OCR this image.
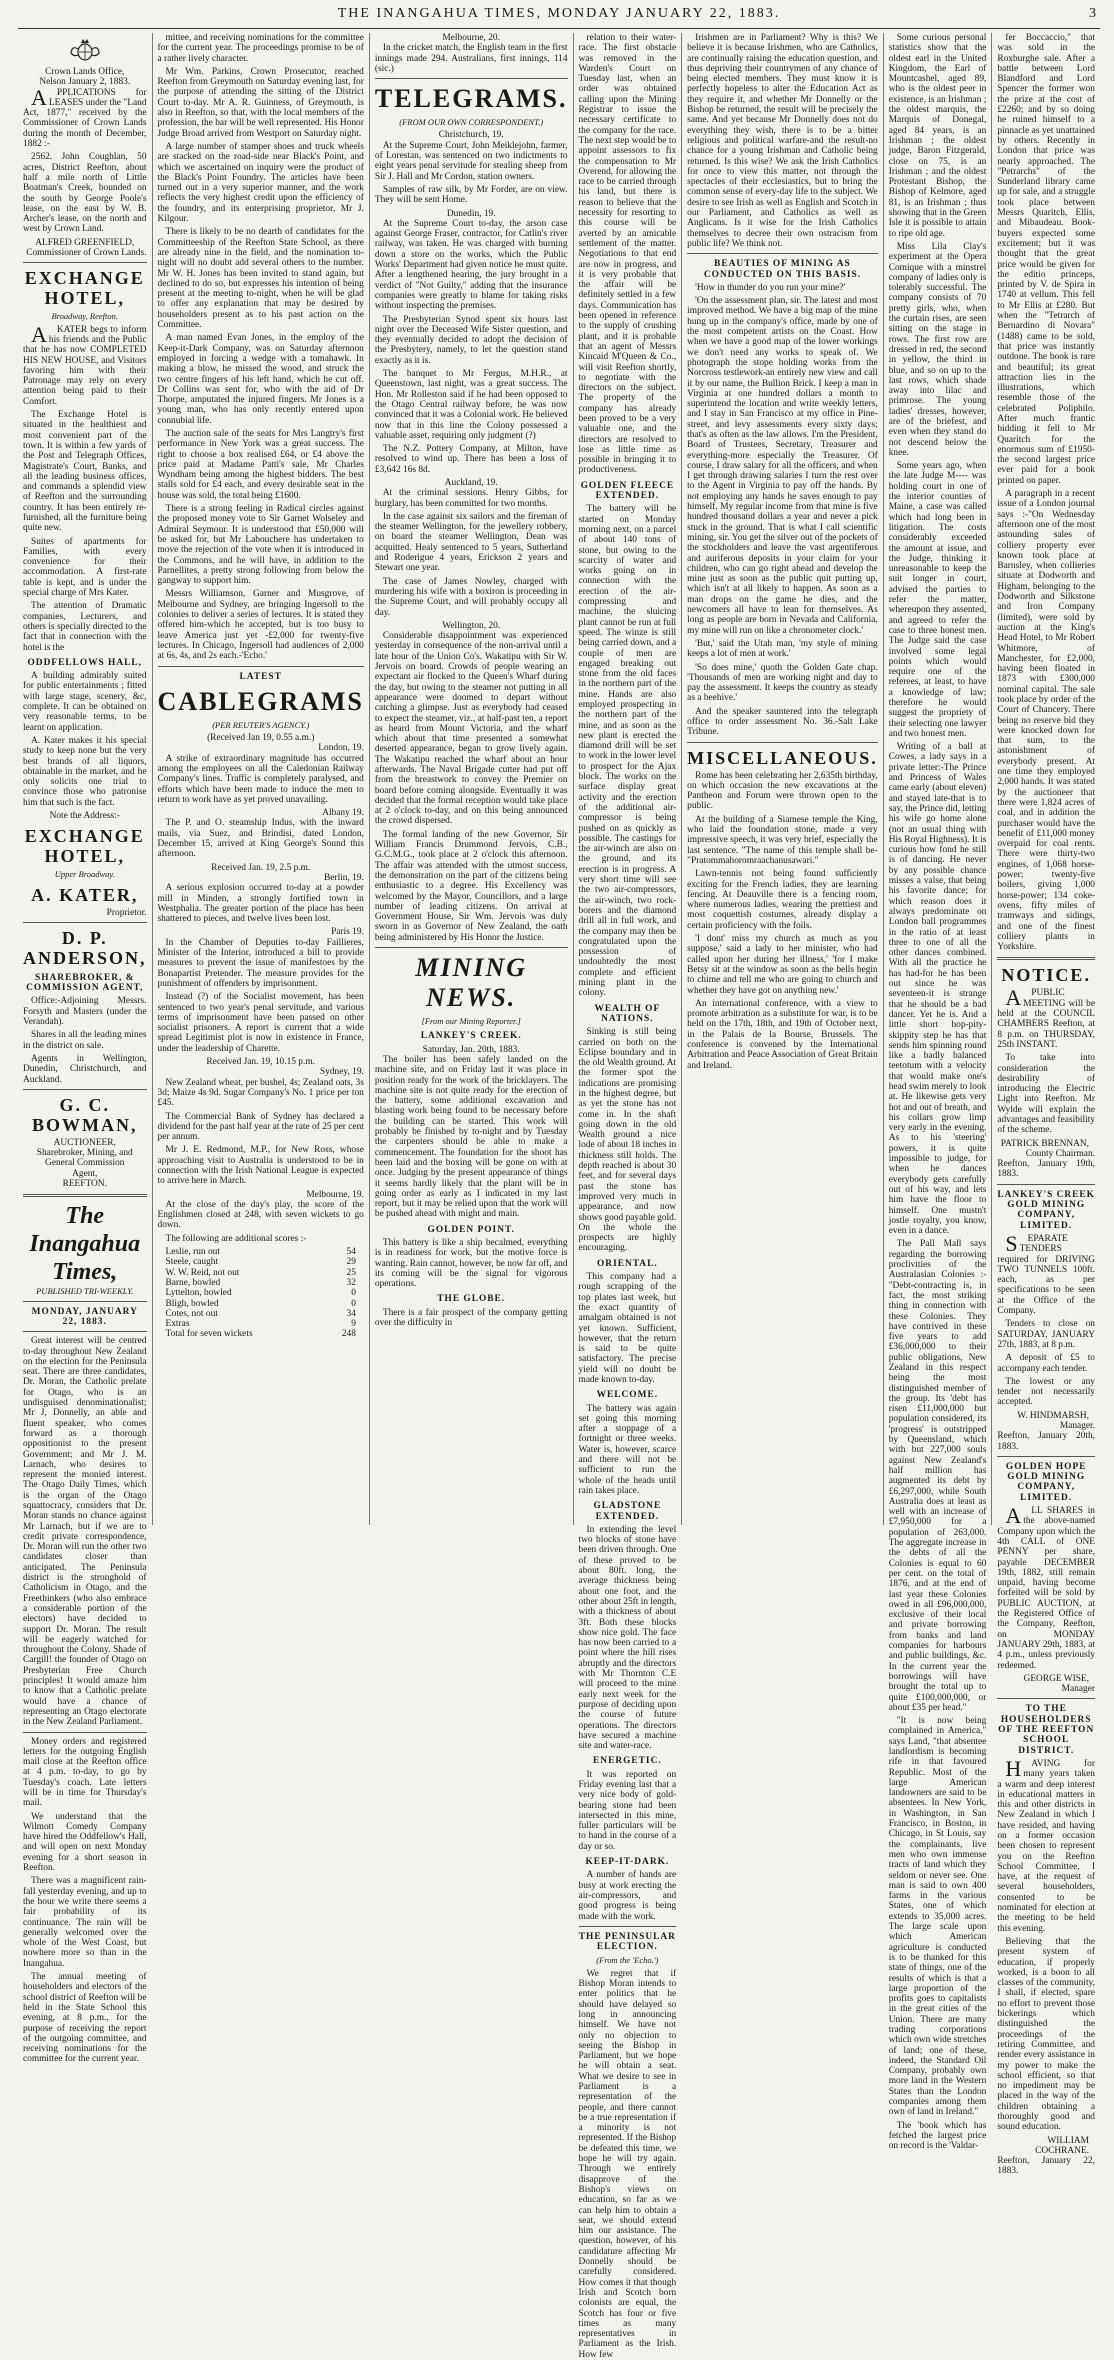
THE INANGAHUA TIMES, MONDAY JANUARY 22, 1883.	3
Crown Lands Office,
Nelson January 2, 1883.

APPLICATIONS for LEASES under the "Land Act, 1877," received by the Commissioner of Crown Lands during the month of December, 1882 :-

2562. John Coughlan, 50 acres, District Reefton, about half a mile north of Little Boatman's Creek, bounded on the south by George Poole's lease, on the east by W. B. Archer's lease, on the north and west by Crown Land.

ALFRED GREENFIELD,
Commissioner of Crown Lands.
EXCHANGE HOTEL,
Broadway, Reefton.

AKATER begs to inform his friends and the Public that he has now COMPLETED HIS NEW HOUSE, and Visitors favoring him with their Patronage may rely on every attention being paid to their Comfort.

The Exchange Hotel is situated in the healthiest and most convenient part of the town. It is within a few yards of the Post and Telegraph Offices, Magistrate's Court, Banks, and all the leading business offices, and commands a splendid view of Reefton and the surrounding country. It has been entirely re-furnished, all the furniture being quite new.

Suites of apartments for Families, with every convenience for their accommodation. A first-rate table is kept, and is under the special charge of Mrs Kater.

The attention of Dramatic companies, Lecturers, and others is specially directed to the fact that in connection with the hotel is the

ODDFELLOWS HALL,

A building admirably suited for public entertainments ; fitted with large stage, scenery, &c, complete. It can be obtained on very reasonable terms, to be learnt on application.

A. Kater makes it his special study to keep none but the very best brands of all liquors, obtainable in the market, and he only solicits one trial to convince those who patronise him that such is the fact.

Note the Address:-
EXCHANGE HOTEL,
Upper Broadway.
A. KATER,
Proprietor.
D. P. ANDERSON,
SHAREBROKER, & COMMISSION AGENT,

Office:-Adjoining Messrs. Forsyth and Masters (under the Verandah).

Shares in all the leading mines in the district on sale.

Agents in Wellington, Dunedin, Christchurch, and Auckland.

G. C. BOWMAN,
AUCTIONEER,
Sharebroker, Mining, and
General Commission
Agent,
REEFTON.
The Inangahua Times,
PUBLISHED TRI-WEEKLY.
MONDAY, JANUARY 22, 1883.

Great interest will be centred to-day throughout New Zealand on the election for the Peninsula seat. There are three candidates, Dr. Moran, the Catholic prelate for Otago, who is an undisguised denominationalist; Mr J, Donnelly, an able and fluent speaker, who comes forward as a thorough oppositionist to the present Government; and Mr J. M. Larnach, who desires to represent the monied interest. The Otago Daily Times, which is the organ of the Otago squattocracy, considers that Dr. Moran stands no chance against Mr Larnach, but if we are to credit private correspondence, Dr. Moran will run the other two candidates closer than anticipated. The Peninsula district is the stronghold of Catholicism in Otago, and the Freethinkers (who also embrace a considerable portion of the electors) have decided to support Dr. Moran. The result will be eagerly watched for throughout the Colony. Shade of Cargill! the founder of Otago on Presbyterian Free Church principles! It would amaze him to know that a Catholic prelate would have a chance of representing an Otago electorate in the New Zealand Parliament.

Money orders and registered letters for the outgoing English mail close at the Reefton office at 4 p.m. to-day, to go by Tuesday's coach. Late letters will be in time for Thursday's mail.

We understand that the Wilmott Comedy Company have hired the Oddfellow's Hall, and will open on next Monday evening for a short season in Reefton.

There was a magnificent rain-fall yesterday evening, and up to the hour we write there seems a fair probability of its continuance. The rain will be generally welcomed over the whole of the West Coast, but nowhere more so than in the Inangahua.

The annual meeting of householders and electors of the school district of Reefton will be held in the State School this evening, at 8 p.m., for the purpose of receiving the report of the outgoing committee, and receiving nominations for the committee for the current year.

mittee, and receiving nominations for the committee for the current year. The proceedings promise to be of a rather lively character.

Mr Wm. Parkins, Crown Prosecutor, reached Reefton from Greymouth on Saturday evening last, for the purpose of attending the sitting of the District Court to-day. Mr A. R. Guinness, of Greymouth, is also in Reefton, so that, with the local members of the profession, the bar will be well represented. His Honor Judge Broad arrived from Westport on Saturday night.

A large number of stamper shoes and truck wheels are stacked on the road-side near Black's Point, and which we ascertained on inquiry were the product of the Black's Point Foundry. The articles have been turned out in a very superior manner, and the work reflects the very highest credit upon the efficiency of the foundry, and its enterprising proprietor, Mr J. Kilgour.

There is likely to be no dearth of candidates for the Committeeship of the Reefton State School, as there are already nine in the field, and the nomination to-night will no doubt add several others to the number. Mr W. H. Jones has been invited to stand again, but declined to do so, but expresses his intention of being present at the meeting to-night, when he will be glad to offer any explanation that may be desired by householders present as to his past action on the Committee.

A man named Evan Jones, in the employ of the Keep-it-Dark Company, was on Saturday afternoon employed in forcing a wedge with a tomahawk. In making a blow, he missed the wood, and struck the two centre fingers of his left hand, which he cut off. Dr Collins was sent for, who with the aid of Dr Thorpe, amputated the injured fingers. Mr Jones is a young man, who has only recently entered upon connubial life.

The auction sale of the seats for Mrs Langtry's first performance in New York was a great success. The right to choose a box realised £64, or £4 above the price paid at Madame Patti's sale, Mr Charles Wyndham being among the highest bidders. The best stalls sold for £4 each, and every desirable seat in the house was sold, the total being £1600.

There is a strong feeling in Radical circles against the proposed money vote to Sir Garnet Wolseley and Admiral Seymour. It is understood that £50,000 will be asked for, but Mr Labouchere has undertaken to move the rejection of the vote when it is introduced in the Commons, and he will have, in addition to the Parnellites, a pretty strong following from below the gangway to support him.

Messrs Williamson, Garner and Musgrove, of Melbourne and Sydney, are bringing Ingersoll to the colonies to deliver a series of lectures. It is stated they offered him-which he accepted, but is too busy to leave America just yet -£2,000 for twenty-five lectures. In Chicago, Ingersoll had audiences of 2,000 at 6s, 4s, and 2s each.-'Echo.'

LATEST
CABLEGRAMS
(PER REUTER'S AGENCY.)
(Received Jan 19, 0.55 a.m.)
London, 19.

A strike of extraordinary magnitude has occurred among the employees on all the Caledonian Railway Company's lines. Traffic is completely paralysed, and efforts which have been made to induce the men to return to work have as yet proved unavailing.

Albany 19.

The P. and O. steamship Indus, with the inward mails, via Suez, and Brindisi, dated London, December 15, arrived at King George's Sound this afternoon.

Received Jan. 19, 2.5 p.m.
Berlin, 19.

A serious explosion occurred to-day at a powder mill in Minden, a strongly fortified town in Westphalia. The greater portion of the place has been shattered to pieces, and twelve lives been lost.

Paris 19.

In the Chamber of Deputies to-day Faillieres, Minister of the Interior, introduced a bill to provide measures to prevent the issue of manifestoes by the Bonapartist Pretender. The measure provides for the punishment of offenders by imprisonment.

Instead (?) of the Socialist movement, has been sentenced to two year's penal servitude, and various terms of imprisonment have been passed on other socialist prisoners. A report is current that a wide spread Legitimist plot is now in existence in France, under the leadership of Charette.

Received Jan. 19, 10.15 p.m.
Sydney, 19.

New Zealand wheat, per bushel, 4s; Zealand oats, 3s 3d; Maize 4s 9d. Sugar Company's No. 1 price per ton £45.

The Commercial Bank of Sydney has declared a dividend for the past half year at the rate of 25 per cent per annum.

Mr J. E. Redmond, M.P., for New Ross, whose approaching visit to Australia is understood to be in connection with the Irish National League is expected to arrive here in March.

Melbourne, 19.

At the close of the day's play, the score of the Englishmen closed at 248, with seven wickets to go down.

The following are additional scores :-

Leslie, run out	54
Steele, caught	29
W. W. Reid, not out	25
Barne, bowled	32
Lyttelton, bowled	0
Bligh, bowled	0
Cotes, not out	34
Extras	9
Total for seven wickets	248
Melbourne, 20.

In the cricket match, the English team in the first innings made 294. Australians, first innings, 114 (sic.)

TELEGRAMS.
(FROM OUR OWN CORRESPONDENT.)
Christchurch, 19.

At the Supreme Court, John Meiklejohn, farmer, of Lorestan, was sentenced on two indictments to eight years penal servitude for stealing sheep from Sir J. Hall and Mr Cordon, station owners.

Samples of raw silk, by Mr Forder, are on view. They will be sent Home.

Dunedin, 19.

At the Supreme Court to-day, the arson case against George Fraser, contractor, for Catlin's river railway, was taken. He was charged with burning down a store on the works, which the Public Works' Department had given notice he must quite. After a lengthened hearing, the jury brought in a verdict of "Not Guilty," adding that the insurance companies were greatly to blame for taking risks without inspecting the premises.

The Presbyterian Synod spent six hours last night over the Deceased Wife Sister question, and they eventually decided to adopt the decision of the Presbytery, namely, to let the question stand exactly as it is.

The banquet to Mr Fergus, M.H.R., at Queenstown, last night, was a great success. The Hon. Mr Rolleston said if he had been opposed to the Otago Central railway before, he was now convinced that it was a Colonial work. He believed now that in this line the Colony possessed a valuable asset, requiring only judgment (?)

The N.Z. Pottery Company, at Milton, have resolved to wind up. There has been a loss of £3,642 16s 8d.

Auckland, 19.

At the criminal sessions. Henry Gibbs, for burglary, has been committed for two months.

In the case against six sailors and the fireman of the steamer Wellington, for the jewellery robbery, on board the steamer Wellington, Dean was acquitted. Healy sentenced to 5 years, Sutherland and Roderigue 4 years, Erickson 2 years and Stewart one year.

The case of James Nowley, charged with murdering his wife with a boxiron is proceeding in the Supreme Court, and will probably occupy all day.

Wellington, 20.

Considerable disappointment was experienced yesterday in consequence of the non-arrival until a late hour of the Union Co's. Wakatipu with Sir W. Jervois on board. Crowds of people wearing an expectant air flocked to the Queen's Wharf during the day, but owing to the steamer not putting in all appearance were doomed to depart without catching a glimpse. Just as everybody had ceased to expect the steamer, viz., at half-past ten, a report as heard from Mount Victoria, and the wharf which about that time presented a somewhat deserted appearance, began to grow lively again. The Wakatipu reached the wharf about an hour afterwards. The Naval Brigade cutter had put off from the breastwork to convey the Premier on board before coming alongside. Eventually it was decided that the formal reception would take place at 2 o'clock to-day, and on this being announced the crowd dispersed.

The formal landing of the new Governor, Sir William Francis Drummond Jervois, C.B., G.C.M.G., took place at 2 o'clock this afternoon. The affair was attended with the utmost success, the demonstration on the part of the citizens being enthusiastic to a degree. His Excellency was welcomed by the Mayor, Councillors, and a large number of leading citizens. On arrival at Government House, Sir Wm. Jervois was duly sworn in as Governor of New Zealand, the oath being administered by His Honor the Justice.

MINING NEWS.
[From our Mining Reporter.]
LANKEY'S CREEK.
Saturday, Jan. 20th, 1883.

The boiler has been safely landed on the machine site, and on Friday last it was place in position ready for the work of the bricklayers. The machine site is not quite ready for the erection of the battery, some additional excavation and blasting work being found to be necessary before the building can be started. This work will probably be finished by to-night and by Tuesday the carpenters should be able to make a commencement. The foundation for the shoot has been laid and the boxing will be gone on with at once. Judging by the present appearance of things it seems hardly likely that the plant will be in going order as early as I indicated in my last report, but it may be relied upon that the work will be pushed ahead with might and main.

GOLDEN POINT.

This battery is like a ship becalmed, everything is in readiness for work, but the motive force is wanting. Rain cannot, however, be now far off, and its coming will be the signal for vigorous operations.

THE GLOBE.

There is a fair prospect of the company getting over the difficulty in

relation to their water-race. The first obstacle was removed in the Warden's Court on Tuesday last, when an order was obtained calling upon the Mining Registrar to issue the necessary certificate to the company for the race. The next step would be to appoint assessors to fix the compensation to Mr Overend, for allowing the race to be carried through his land, but there is reason to believe that the necessity for resorting to this course will be averted by an amicable settlement of the matter. Negotiations to that end are now in progress, and it is very probable that the affair will be definitely settled in a few days. Communication has been opened in reference to the supply of crushing plant, and it is probable that an agent of Messrs Kincaid M'Queen & Co., will visit Reefton shortly, to negotiate with the directors on the subject. The property of the company has already been proved to be a very valuable one, and the directors are resolved to lose as little time as possible in bringing it to productiveness.

GOLDEN FLEECE EXTENDED.

The battery will be started on Monday morning next, on a parcel of about 140 tons of stone, but owing to the scarcity of water and works going on in connection with the erection of the air-compressing and machine, the sluicing plant cannot be run at full speed. The winze is still being carried down, and a couple of men are engaged breaking out stone from the old faces in the northern part of the mine. Hands are also employed prospecting in the northern part of the mine, and as soon as the new plant is erected the diamond drill will be set to work in the lower level to prospect for the Ajax block. The works on the surface display great activity and the erection of the additional air-compressor is being pushed on as quickly as possible. The castings for the air-winch are also on the ground, and its erection is in progress. A very short time will see the two air-compressors, the air-winch, two rock-borers and the diamond drill all in full work, and the company may then be congratulated upon the possession of undoubtedly the most complete and efficient mining plant in the colony.

WEALTH OF NATIONS.

Sinking is still being carried on both on the Eclipse boundary and in the old Wealth ground. At the former spot the indications are promising in the highest degree, but as yet the stone has not come in. In the shaft going down in the old Wealth ground a nice lode of about 18 inches in thickness still holds. The depth reached is about 30 feet, and for several days past the stone has improved very much in appearance, and now shows good payable gold. On the whole the prospects are highly encouraging.

ORIENTAL.

This company had a rough scrapping of the top plates last week, but the exact quantity of amalgam obtained is not yet known. Sufficient, however, that the return is said to be quite satisfactory. The precise yield will no doubt be made known to-day.

WELCOME.

The battery was again set going this morning after a stoppage of a fortnight or three weeks. Water is, however, scarce and there will not be sufficient to run the whole of the heads until rain takes place.

GLADSTONE EXTENDED.

In extending the level two blocks of stone have been driven through. One of these proved to be about 80ft. long, the average thickness being about one foot, and the other about 25ft in length, with a thickness of about 3ft. Both these blocks show nice gold. The face has now been carried to a point where the hill rises abruptly and the directors with Mr Thornton C.E will proceed to the mine early next week for the purpose of deciding upon the course of future operations. The directors have secured a machine site and water-race.

ENERGETIC.

It was reported on Friday evening last that a very nice body of gold-bearing stone had been intersected in this mine, fuller particulars will be to hand in the course of a day or so.

KEEP-IT-DARK.

A number of hands are busy at work erecting the air-compressors, and good progress is being made with the work.

THE PENINSULAR ELECTION.
(From the 'Echo.')

We regret that if Bishop Moran intends to enter politics that he should have delayed so long in announcing himself. We have not only no objection to seeing the Bishop in Parliament, but we hope he will obtain a seat. What we desire to see in Parliament is a representation of the people, and there cannot be a true representation if a minority is not represented. If the Bishop be defeated this time, we hope he will try again. Through we entirely disapprove of the Bishop's views on education, so far as we can help him to obtain a seat, we should extend him our assistance. The question, however, of his candidature affecting Mr Donnelly should be carefully considered. How comes it that though Irish and Scotch born colonists are equal, the Scotch has four or five times as many representatives in Parliament as the Irish. How few

Irishmen are in Parliament? Why is this? We believe it is because Irishmen, who are Catholics, are continually raising the education question, and thus depriving their countrymen of any chance of being elected members. They must know it is perfectly hopeless to alter the Education Act as they require it, and whether Mr Donnelly or the Bishop be returned, the result will be precisely the same. And yet because Mr Donnelly does not do everything they wish, there is to be a bitter religious and political warfare-and the result-no chance for a young Irishman and Catholic being returned. Is this wise? We ask the Irish Catholics for once to view this matter, not through the spectacles of their ecclesiastics, but to bring the common sense of every-day life to the subject. We desire to see Irish as well as English and Scotch in our Parliament, and Catholics as well as Anglicans. Is it wise for the Irish Catholics themselves to decree their own ostracism from public life? We think not.

BEAUTIES OF MINING AS CONDUCTED ON THIS BASIS.

'How in thunder do you run your mine?'

'On the assessment plan, sir. The latest and most improved method. We have a big map of the mine hung up in the company's office, made by one of the most competent artists on the Coast. How when we have a good map of the lower workings we don't need any works to speak of. We photograph the stope holding works from the Norcross testlework-an entirely new view and call it by our name, the Bullion Brick. I keep a man in Virginia at one hundred dollars a month to superintend the location and write weekly letters, and I stay in San Francisco at my office in Pine-street, and levy assessments every sixty days; that's as often as the law allows. I'm the President, Board of Trustees, Secretary, Treasurer and everything-more especially the Treasurer. Of course, I draw salary for all the officers, and when I get through drawing salaries I turn the rest over to the Agent in Virginia to pay off the hands. By not employing any hands he saves enough to pay himself. My regular income from that mine is five hundred thousand dollars a year and never a pick stuck in the ground. That is what I call scientific mining, sir. You get the silver out of the pockets of the stockholders and leave the vast argentiferous and auriferous deposits in your claim for your children, who can go right ahead and develop the mine just as soon as the public quit putting up, which isn't at all likely to happen. As soon as a man drops on the game he dies, and the newcomers all have to lean for themselves. As long as people are born in Nevada and California, my mine will run on like a chronometer clock.'

'But,' said the Utah man, 'my style of mining keeps a lot of men at work.'

'So does mine,' quoth the Golden Gate chap. 'Thousands of men are working night and day to pay the assessment. It keeps the country as steady as a beehive.'

And the speaker sauntered into the telegraph office to order assessment No. 36.-Salt Lake Tribune.

MISCELLANEOUS.

Rome has been celebrating her 2,635th birthday, on which occasion the new excavations at the Pantheon and Forum were thrown open to the public.

At the building of a Siamese temple the King, who laid the foundation stone, made a very impressive speech, it was very brief, especially the last sentence. "The name of this temple shall be-"Pratommahoromraachanusawari."

Lawn-tennis not being found sufficiently exciting for the French ladies, they are learning fencing. At Deauville there is a fencing room, where numerous ladies, wearing the prettiest and most coquettish costumes, already display a certain proficiency with the foils.

'I dont' miss my church as much as you suppose,' said a lady to her minister, who had called upon her during her illness,' 'for I make Betsy sit at the window as soon as the bells begin to chime and tell me who are going to church and whether they have got on anything new.'

An international conference, with a view to promote arbitration as a substitute for war, is to be held on the 17th, 18th, and 19th of October next, in the Palais de la Bourse, Brussels. The conference is convened by the International Arbitration and Peace Association of Great Britain and Ireland.

Some curious personal statistics show that the oldest earl in the United Kingdom, the Earl of Mountcashel, aged 89, who is the oldest peer in existence, is an Irishman ; the oldest marquis, the Marquis of Donegal, aged 84 years, is an Irishman ; the oldest judge, Baron Fitzgerald, close on 75, is an Irishman ; and the oldest Protestant Bishop, the Bishop of Kelmore, aged 81, is an Irishman ; thus showing that in the Green Isle it is possible to attain to ripe old age.

Miss Lila Clay's experiment at the Opera Comique with a minstrel company of ladies only is tolerably successful. The company consists of 70 pretty girls, who, when the curtain rises, are seen sitting on the stage in rows. The first row are dressed in red, the second in yellow, the third in blue, and so on up to the last rows, which shade away into lilac and primrose. The young ladies' dresses, however, are of the briefest, and even when they stand do not descend below the knee.

Some years ago, when the late Judge M---- was holding court in one of the interior counties of Maine, a case was called which had long been in litigation. The costs considerably exceeded the amount at issue, and the Judge, thinking it unreasonable to keep the suit longer in court, advised the parties to refer the matter, whereupon they assented, and agreed to refer the case to three honest men. The Judge said the case involved some legal points which would require one of the referees, at least, to have a knowledge of law; therefore he would suggest the propriety of their selecting one lawyer and two honest men.

Writing of a ball at Cowes, a lady says in a private letter:-The Prince and Princess of Wales came early (about eleven) and stayed late-that is to say, the Prince did, letting his wife go home alone (not an usual thing with His Royal Highness). It is curious how fond he still is of dancing. He never by any possible chance misses a valse, that being his favorite dance; for which reason does it always predominate on London ball programmes in the ratio of at least three to one of all the other dances combined. With all the practice he has had-for he has been out since he was seventeen-it is strange that he should be a bad dancer. Yet he is. And a little short hop-pity-skippity step he has that sends him spinning round like a badly balanced teetotum with a velocity that would make one's head swim merely to look at. He likewise gets very hot and out of breath, and his collars grow limp very early in the evening. As to his 'steering' powers, it is quite impossible to judge, for when he dances everybody gets carefully out of his way, and lets him have the floor to himself. One mustn't jostle royalty, you know, even in a dance.

The Pall Mall says regarding the borrowing proclivities of the Australasian Colonies :-"Debt-contracting is, in fact, the most striking thing in connection with these Colonies. They have contrived in these five years to add £36,000,000 to their public obligations, New Zealand in this respect being the most distinguished member of the group. Its 'debt has risen £11,000,000 but population considered, its 'progress' is outstripped by Queensland, which with but 227,000 souls against New Zealand's half million has augmented its debt by £6,297,000, while South Australia does at least as well with an increase of £7,950,000 for a population of 263,000. The aggregate increase in the debts of all the Colonies is equal to 60 per cent. on the total of 1876, and at the end of last year these Colonies owed in all £96,000,000, exclusive of their local and private borrowing from banks and land companies for harbours and public buildings, &c. In the current year the borrowings will have brought the total up to quite £100,000,000, or about £35 per head."

"It is now being complained in America," says Land, "that absentee landlordism is becoming rife in that favoured Republic. Most of the large American landowners are said to be absentees. In New York, in Washington, in San Francisco, in Boston, in Chicago, in St Louis, say the complainants, live men who own immense tracts of land which they seldom or never see. One man is said to own 400 farms in the various States, one of which extends to 35,000 acres. The large scale upon which American agriculture is conducted is to be thanked for this state of things, one of the results of which is that a large proportion of the profits goes to capitalists in the great cities of the Union. There are many trading corporations which own wide stretches of land; one of these, indeed, the Standard Oil Company, probably own more land in the Western States than the London companies among them own of land in Ireland."

The 'book which has fetched the largest price on record is the 'Valdar-

fer Boccaccio," that was sold in the Roxburghe sale. After a battle between Lord Blandford and Lord Spencer the former won the prize at the cost of £2260; and by so doing he ruined himself to a pinnacle as yet unattained by others. Recently in London that price was nearly approached. The "Petrarchs" of the Sunderland library came up for sale, and a struggle took place between Messrs Quaritch, Ellis, and Mibaudeau. Book-buyers expected some excitement; but it was thought that the great price would be given for the editio princeps, printed by V. de Spira in 1740 at vellum. This fell to Mr Ellis at £280. But when the "Tetrarch of Bernardino di Novara" (1488) came to be sold, that price was instantly outdone. The book is rare and beautiful; its great attraction lies in the illustrations, which resemble those of the celebrated Poliphilo. After much frantic bidding it fell to Mr Quaritch for the enormous sum of £1950-the second largest price ever paid for a book printed on paper.

A paragraph in a recent issue of a London journal says :-"On Wednesday afternoon one of the most astounding sales of colliery property ever known took place at Barnsley, when collieries situate at Dodworth and Higham, belonging to the Dodworth and Silkstone and Iron Company (limited), were sold by auction at the King's Head Hotel, to Mr Robert Whitmore, of Manchester, for £2,000, having been floated in 1873 with £300,000 nominal capital. The sale took place by order of the Court of Chancery. There being no reserve bid they were knocked down for that sum, to the astonishment of everybody present. At one time they employed 2,000 hands. It was stated by the auctioneer that there were 1,824 acres of coal, and in addition the purchaser would have the benefit of £11,000 money overpaid for coal rents. There were thirty-two engines, of 1,068 horse-power; twenty-five boilers, giving 1,000 horse-power; 134 coke-ovens, fifty miles of tramways and sidings, and one of the finest colliery plants in Yorkshire.

NOTICE.

APUBLIC MEETING will be held at the COUNCIL CHAMBERS Reefton, at 8 p.m. on THURSDAY, 25th INSTANT.

To take into consideration the desirability of introducing the Electric Light into Reefton. Mr Wylde will explain the advantages and feasibility of the scheme.

PATRICK BRENNAN,
County Chairman.
Reefton, January 19th, 1883.
LANKEY'S CREEK GOLD MINING COMPANY, LIMITED.

SEPARATE TENDERS required for DRIVING TWO TUNNELS 100ft. each, as per specifications to be seen at the Office of the Company.

Tenders to close on SATURDAY, JANUARY 27th, 1883, at 8 p.m.

A deposit of £5 to accompany each tender.

The lowest or any tender not necessarily accepted.

W. HINDMARSH,
Manager.
Reefton, January 20th, 1883.
GOLDEN HOPE GOLD MINING COMPANY, LIMITED.

ALL SHARES in the above-named Company upon which the 4th CALL of ONE PENNY per share, payable DECEMBER 19th, 1882, still remain unpaid, having become forfeited will be sold by PUBLIC AUCTION, at the Registered Office of the Company, Reefton, on MONDAY JANUARY 29th, 1883, at 4 p.m., unless previously redeemed.

GEORGE WISE,
Manager
TO THE HOUSEHOLDERS OF THE REEFTON SCHOOL DISTRICT.

HAVING for many years taken a warm and deep interest in educational matters in this and other districts in New Zealand in which I have resided, and having on a former occasion been chosen to represent you on the Reefton School Committee, I have, at the request of several householders, consented to be nominated for election at the meeting to be held this evening.

Believing that the present system of education, if properly worked, is a boon to all classes of the community, I shall, if elected, spare no effort to prevent those bickerings which distinguished the proceedings of the retiring Committee, and render every assistance in my power to make the school efficient, so that no impediment may be placed in the way of the children obtaining a thoroughly good and sound education.

WILLIAM COCHRANE.
Reefton, January 22, 1883.
